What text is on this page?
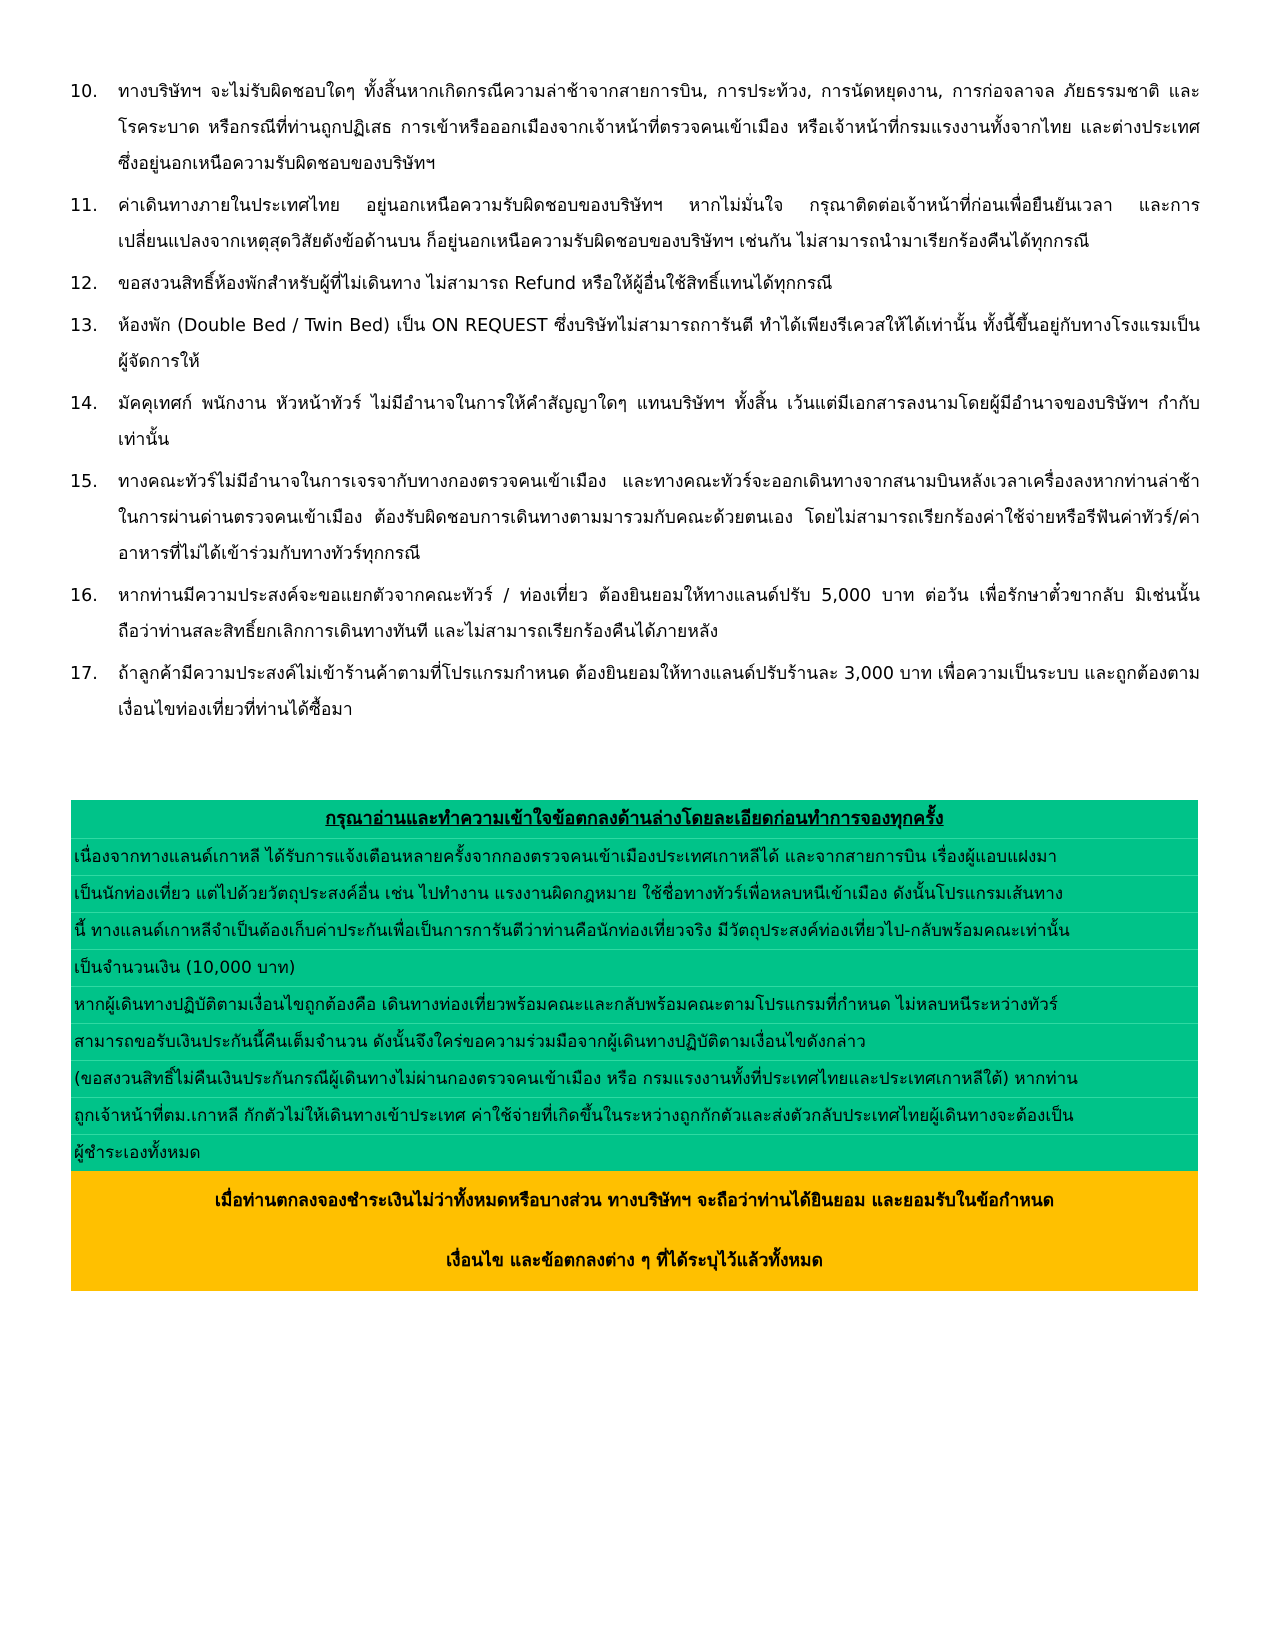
10.	ทางบริษัทฯ จะไม่รับผิดชอบใดๆ ทั้งสิ้นหากเกิดกรณีความล่าช้าจากสายการบิน, การประท้วง, การนัดหยุดงาน, การก่อจลาจล ภัยธรรมชาติ และโรคระบาด หรือกรณีที่ท่านถูกปฏิเสธ การเข้าหรือออกเมืองจากเจ้าหน้าที่ตรวจคนเข้าเมือง หรือเจ้าหน้าที่กรมแรงงานทั้งจากไทย และต่างประเทศ ซึ่งอยู่นอกเหนือความรับผิดชอบของบริษัทฯ
11.	ค่าเดินทางภายในประเทศไทย อยู่นอกเหนือความรับผิดชอบของบริษัทฯ หากไม่มั่นใจ กรุณาติดต่อเจ้าหน้าที่ก่อนเพื่อยืนยันเวลา และการเปลี่ยนแปลงจากเหตุสุดวิสัยดังข้อด้านบน ก็อยู่นอกเหนือความรับผิดชอบของบริษัทฯ เช่นกัน ไม่สามารถนำมาเรียกร้องคืนได้ทุกกรณี
12.	ขอสงวนสิทธิ์ห้องพักสำหรับผู้ที่ไม่เดินทาง ไม่สามารถ Refund หรือให้ผู้อื่นใช้สิทธิ์แทนได้ทุกกรณี
13.	ห้องพัก (Double Bed / Twin Bed) เป็น ON REQUEST ซึ่งบริษัทไม่สามารถการันตี ทำได้เพียงรีเควสให้ได้เท่านั้น ทั้งนี้ขึ้นอยู่กับทางโรงแรมเป็นผู้จัดการให้
14.	มัคคุเทศก์ พนักงาน หัวหน้าทัวร์ ไม่มีอำนาจในการให้คำสัญญาใดๆ แทนบริษัทฯ ทั้งสิ้น เว้นแต่มีเอกสารลงนามโดยผู้มีอำนาจของบริษัทฯ กำกับเท่านั้น
15.	ทางคณะทัวร์ไม่มีอำนาจในการเจรจากับทางกองตรวจคนเข้าเมือง และทางคณะทัวร์จะออกเดินทางจากสนามบินหลังเวลาเครื่องลงหากท่านล่าช้าในการผ่านด่านตรวจคนเข้าเมือง ต้องรับผิดชอบการเดินทางตามมารวมกับคณะด้วยตนเอง โดยไม่สามารถเรียกร้องค่าใช้จ่ายหรือรีฟันค่าทัวร์/ค่าอาหารที่ไม่ได้เข้าร่วมกับทางทัวร์ทุกกรณี
16.	หากท่านมีความประสงค์จะขอแยกตัวจากคณะทัวร์ / ท่องเที่ยว ต้องยินยอมให้ทางแลนด์ปรับ 5,000 บาท ต่อวัน เพื่อรักษาตั๋วขากลับ มิเช่นนั้นถือว่าท่านสละสิทธิ์ยกเลิกการเดินทางทันที และไม่สามารถเรียกร้องคืนได้ภายหลัง
17.	ถ้าลูกค้ามีความประสงค์ไม่เข้าร้านค้าตามที่โปรแกรมกำหนด ต้องยินยอมให้ทางแลนด์ปรับร้านละ 3,000 บาท เพื่อความเป็นระบบ และถูกต้องตามเงื่อนไขท่องเที่ยวที่ท่านได้ซื้อมา
กรุณาอ่านและทำความเข้าใจข้อตกลงด้านล่างโดยละเอียดก่อนทำการจองทุกครั้ง
เนื่องจากทางแลนด์เกาหลี ได้รับการแจ้งเตือนหลายครั้งจากกองตรวจคนเข้าเมืองประเทศเกาหลีได้ และจากสายการบิน เรื่องผู้แอบแฝงมา
เป็นนักท่องเที่ยว แต่ไปด้วยวัตถุประสงค์อื่น เช่น ไปทำงาน แรงงานผิดกฎหมาย ใช้ชื่อทางทัวร์เพื่อหลบหนีเข้าเมือง ดังนั้นโปรแกรมเส้นทาง
นี้ ทางแลนด์เกาหลีจำเป็นต้องเก็บค่าประกันเพื่อเป็นการการันตีว่าท่านคือนักท่องเที่ยวจริง มีวัตถุประสงค์ท่องเที่ยวไป-กลับพร้อมคณะเท่านั้น
เป็นจำนวนเงิน (10,000 บาท)
หากผู้เดินทางปฏิบัติตามเงื่อนไขถูกต้องคือ เดินทางท่องเที่ยวพร้อมคณะและกลับพร้อมคณะตามโปรแกรมที่กำหนด ไม่หลบหนีระหว่างทัวร์
สามารถขอรับเงินประกันนี้คืนเต็มจำนวน ดังนั้นจึงใคร่ขอความร่วมมือจากผู้เดินทางปฏิบัติตามเงื่อนไขดังกล่าว
(ขอสงวนสิทธิ์ไม่คืนเงินประกันกรณีผู้เดินทางไม่ผ่านกองตรวจคนเข้าเมือง หรือ กรมแรงงานทั้งที่ประเทศไทยและประเทศเกาหลีใต้) หากท่าน
ถูกเจ้าหน้าที่ตม.เกาหลี กักตัวไม่ให้เดินทางเข้าประเทศ ค่าใช้จ่ายที่เกิดขึ้นในระหว่างถูกกักตัวและส่งตัวกลับประเทศไทยผู้เดินทางจะต้องเป็น
ผู้ชำระเองทั้งหมด
เมื่อท่านตกลงจองชำระเงินไม่ว่าทั้งหมดหรือบางส่วน ทางบริษัทฯ จะถือว่าท่านได้ยินยอม และยอมรับในข้อกำหนด
เงื่อนไข และข้อตกลงต่าง ๆ ที่ได้ระบุไว้แล้วทั้งหมด
